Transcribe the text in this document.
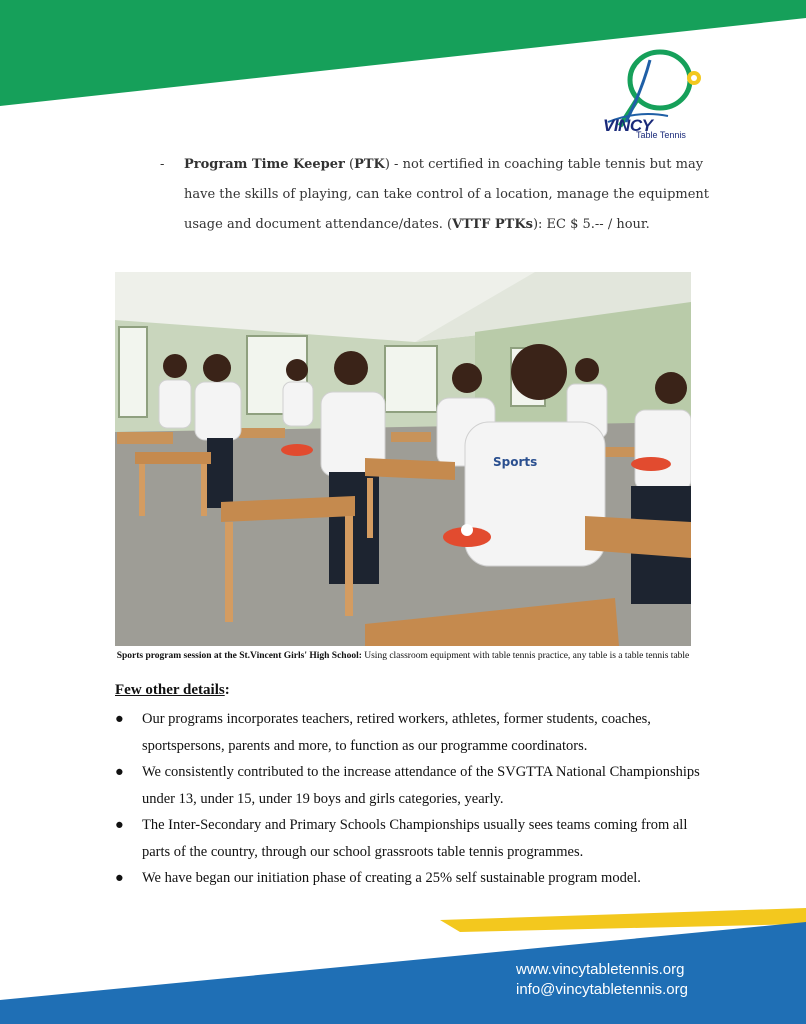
VINCY
Table Tennis
- Program Time Keeper (PTK) - not certified in coaching table tennis but may have the skills of playing, can take control of a location, manage the equipment usage and document attendance/dates. (VTTF PTKs): EC $ 5.-- / hour.
Sports
Sports program session at the St.Vincent Girls' High School: Using classroom equipment with table tennis practice, any table is a table tennis table
Few other details:
● Our programs incorporates teachers, retired workers, athletes, former students, coaches, sportspersons, parents and more, to function as our programme coordinators.
● We consistently contributed to the increase attendance of the SVGTTA National Championships under 13, under 15, under 19 boys and girls categories, yearly.
● The Inter-Secondary and Primary Schools Championships usually sees teams coming from all parts of the country, through our school grassroots table tennis programmes.
● We have began our initiation phase of creating a 25% self sustainable program model.
www.vincytabletennis.org
info@vincytabletennis.org
